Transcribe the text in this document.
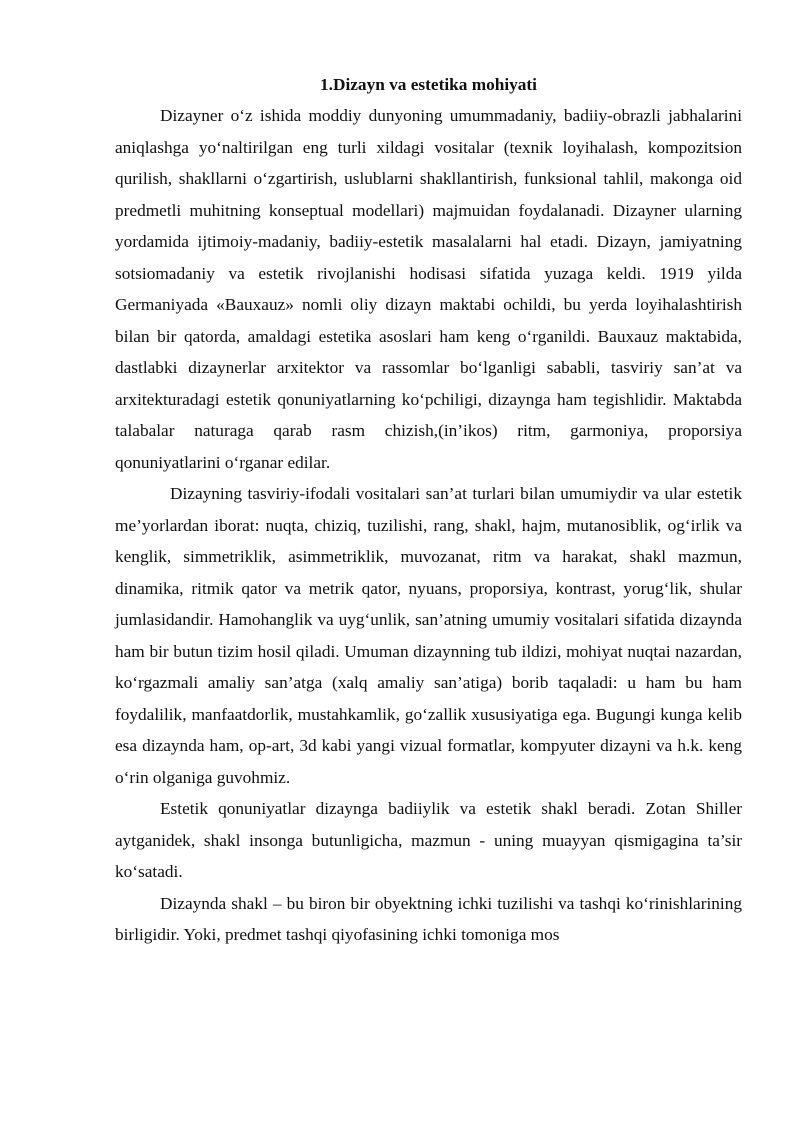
1.Dizayn va estetika mohiyati

Dizayner o‘z ishida moddiy dunyoning umummadaniy, badiiy-obrazli jabhalarini aniqlashga yo‘naltirilgan eng turli xildagi vositalar (texnik loyihalash, kompozitsion qurilish, shakllarni o‘zgartirish, uslublarni shakllantirish, funksional tahlil, makonga oid predmetli muhitning konseptual modellari) majmuidan foydalanadi. Dizayner ularning yordamida ijtimoiy-madaniy, badiiy-estetik masalalarni hal etadi. Dizayn, jamiyatning sotsiomadaniy va estetik rivojlanishi hodisasi sifatida yuzaga keldi. 1919 yilda Germaniyada «Bauxauz» nomli oliy dizayn maktabi ochildi, bu yerda loyihalashtirish bilan bir qatorda, amaldagi estetika asoslari ham keng o‘rganildi. Bauxauz maktabida, dastlabki dizaynerlar arxitektor va rassomlar bo‘lganligi sababli, tasviriy san’at va arxitekturadagi estetik qonuniyatlarning ko‘pchiligi, dizaynga ham tegishlidir. Maktabda talabalar naturaga qarab rasm chizish,(in’ikos) ritm, garmoniya, proporsiya qonuniyatlarini o‘rganar edilar.

Dizayning tasviriy-ifodali vositalari san’at turlari bilan umumiydir va ular estetik me’yorlardan iborat: nuqta, chiziq, tuzilishi, rang, shakl, hajm, mutanosiblik, og‘irlik va kenglik, simmetriklik, asimmetriklik, muvozanat, ritm va harakat, shakl mazmun, dinamika, ritmik qator va metrik qator, nyuans, proporsiya, kontrast, yorug‘lik, shular jumlasidandir. Hamohanglik va uyg‘unlik, san’atning umumiy vositalari sifatida dizaynda ham bir butun tizim hosil qiladi. Umuman dizaynning tub ildizi, mohiyat nuqtai nazardan, ko‘rgazmali amaliy san’atga (xalq amaliy san’atiga) borib taqaladi: u ham bu ham foydalilik, manfaatdorlik, mustahkamlik, go‘zallik xususiyatiga ega. Bugungi kunga kelib esa dizaynda ham, op-art, 3d kabi yangi vizual formatlar, kompyuter dizayni va h.k. keng o‘rin olganiga guvohmiz.

Estetik qonuniyatlar dizaynga badiiylik va estetik shakl beradi. Zotan Shiller aytganidek, shakl insonga butunligicha, mazmun - uning muayyan qismigagina ta’sir ko‘satadi.

Dizaynda shakl – bu biron bir obyektning ichki tuzilishi va tashqi ko‘rinishlarining birligidir. Yoki, predmet tashqi qiyofasining ichki tomoniga mos
